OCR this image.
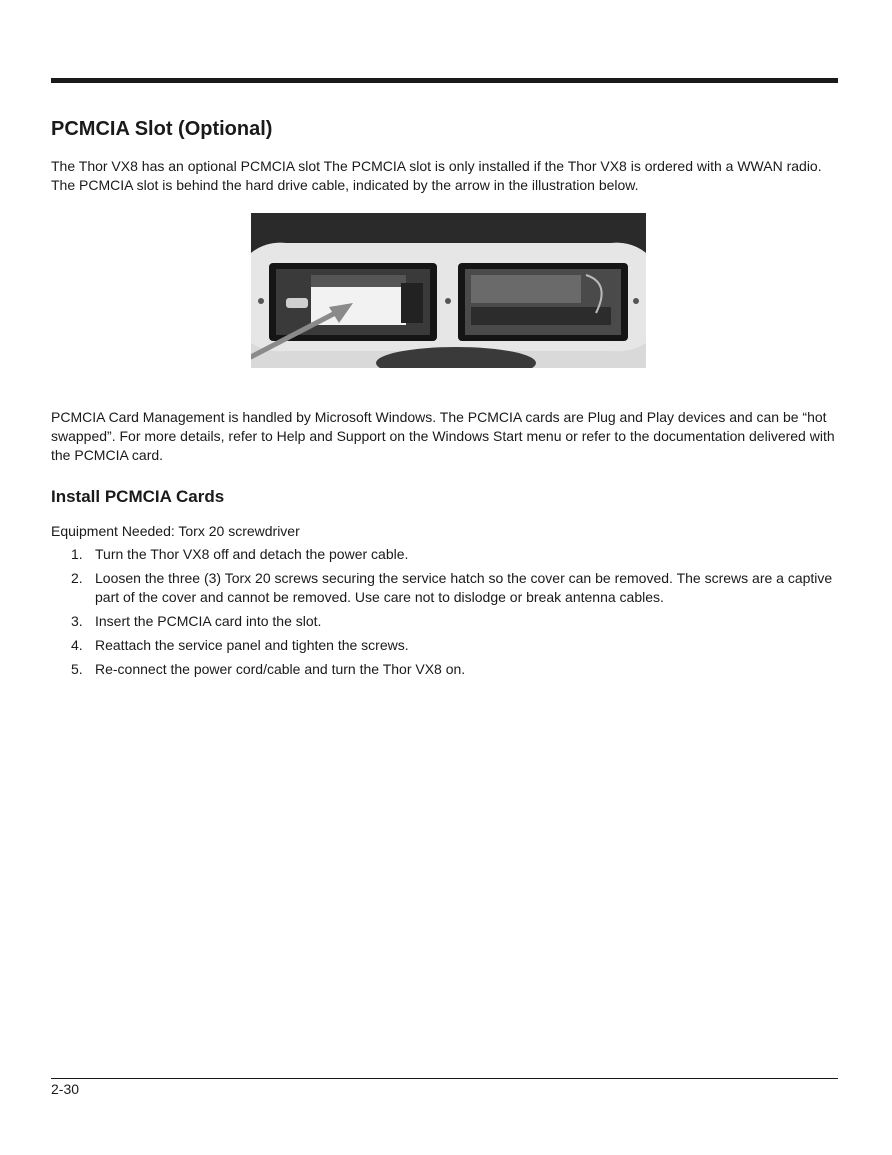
PCMCIA Slot (Optional)

The Thor VX8 has an optional PCMCIA slot The PCMCIA slot is only installed if the Thor VX8 is ordered with a WWAN radio. The PCMCIA slot is behind the hard drive cable, indicated by the arrow in the illustration below.

PCMCIA Card Management is handled by Microsoft Windows. The PCMCIA cards are Plug and Play devices and can be “hot swapped”. For more details, refer to Help and Support on the Windows Start menu or refer to the documentation delivered with the PCMCIA card.

Install PCMCIA Cards

Equipment Needed: Torx 20 screwdriver

1. Turn the Thor VX8 off and detach the power cable.
2. Loosen the three (3) Torx 20 screws securing the service hatch so the cover can be removed. The screws are a captive part of the cover and cannot be removed. Use care not to dislodge or break antenna cables.
3. Insert the PCMCIA card into the slot.
4. Reattach the service panel and tighten the screws.
5. Re-connect the power cord/cable and turn the Thor VX8 on.
2-30
